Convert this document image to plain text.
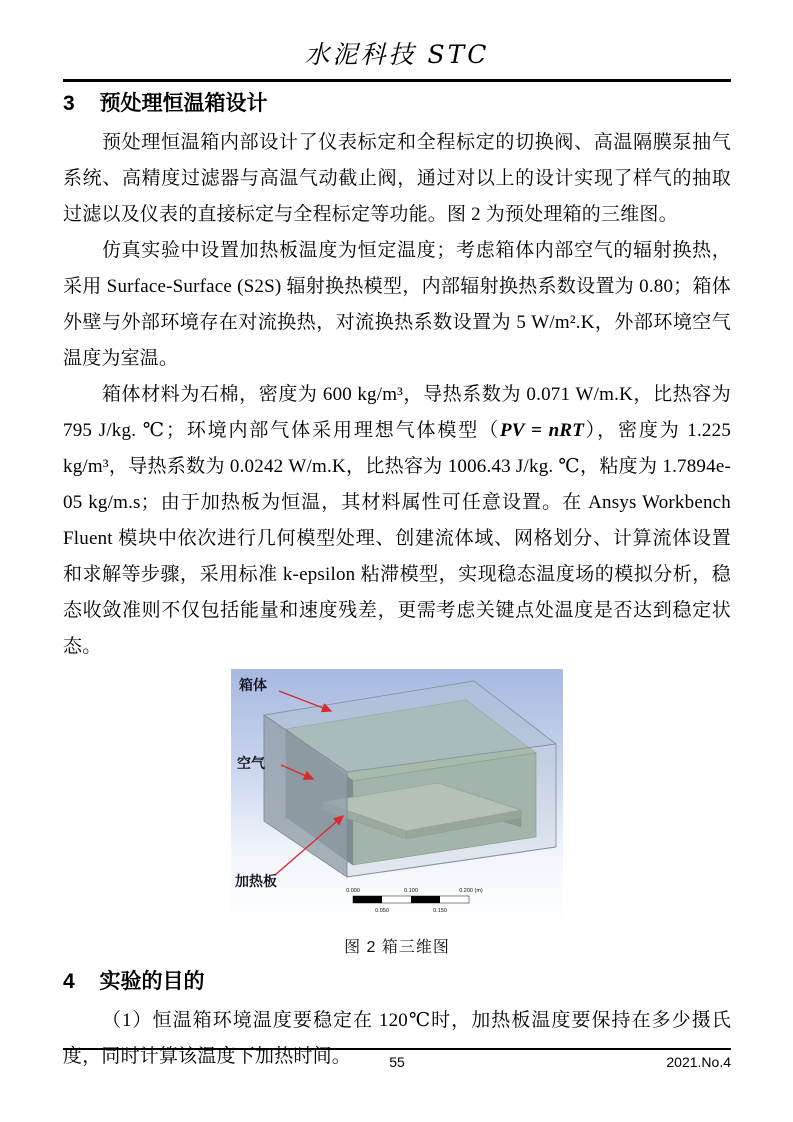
水泥科技 STC
3 预处理恒温箱设计

预处理恒温箱内部设计了仪表标定和全程标定的切换阀、高温隔膜泵抽气系统、高精度过滤器与高温气动截止阀，通过对以上的设计实现了样气的抽取过滤以及仪表的直接标定与全程标定等功能。图 2 为预处理箱的三维图。

仿真实验中设置加热板温度为恒定温度；考虑箱体内部空气的辐射换热，采用 Surface-Surface (S2S) 辐射换热模型，内部辐射换热系数设置为 0.80；箱体外壁与外部环境存在对流换热，对流换热系数设置为 5 W/m².K，外部环境空气温度为室温。

箱体材料为石棉，密度为 600 kg/m³，导热系数为 0.071 W/m.K，比热容为 795 J/kg. ℃；环境内部气体采用理想气体模型（PV = nRT），密度为 1.225 kg/m³，导热系数为 0.0242 W/m.K，比热容为 1006.43 J/kg. ℃，粘度为 1.7894e-05 kg/m.s；由于加热板为恒温，其材料属性可任意设置。在 Ansys Workbench Fluent 模块中依次进行几何模型处理、创建流体域、网格划分、计算流体设置和求解等步骤，采用标准 k-epsilon 粘滞模型，实现稳态温度场的模拟分析，稳态收敛准则不仅包括能量和速度残差，更需考虑关键点处温度是否达到稳定状态。

0.000	0.100	0.200 (m)
0.050	0.150
箱体
空气
加热板
图 2 箱三维图
4 实验的目的

（1）恒温箱环境温度要稳定在 120℃时，加热板温度要保持在多少摄氏度，同时计算该温度下加热时间。	55	2021.No.4
